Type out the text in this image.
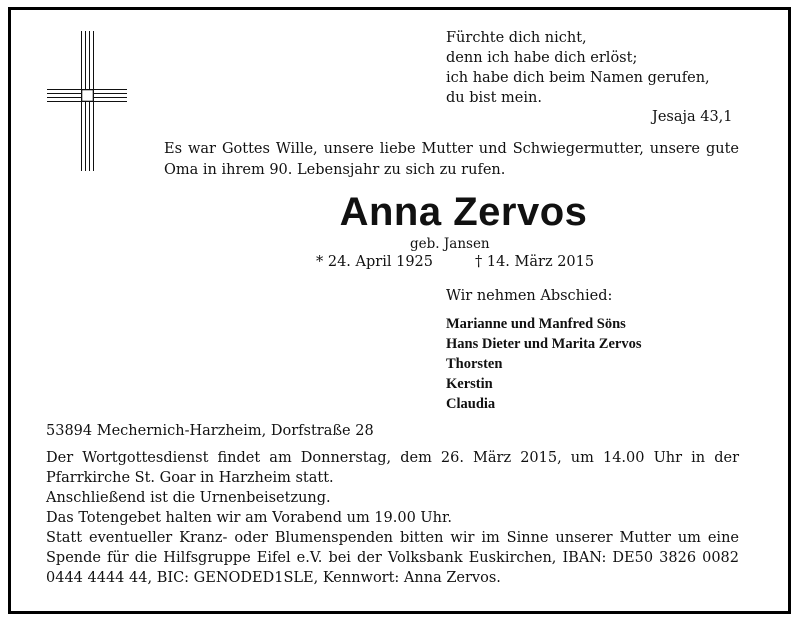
Fürchte dich nicht,
denn ich habe dich erlöst;
ich habe dich beim Namen gerufen,
du bist mein.
Jesaja 43,1
Es war Gottes Wille, unsere liebe Mutter und Schwiegermutter, unsere gute Oma in ihrem 90. Lebensjahr zu sich zu rufen.
Anna Zervos
geb. Jansen
* 24. April 1925	† 14. März 2015
Wir nehmen Abschied:
Marianne und Manfred Söns
Hans Dieter und Marita Zervos
Thorsten
Kerstin
Claudia
53894 Mechernich-Harzheim, Dorfstraße 28

Der Wortgottesdienst findet am Donnerstag, dem 26. März 2015, um 14.00 Uhr in der Pfarrkirche St. Goar in Harzheim statt.

Anschließend ist die Urnenbeisetzung.

Das Totengebet halten wir am Vorabend um 19.00 Uhr.

Statt eventueller Kranz- oder Blumenspenden bitten wir im Sinne unserer Mutter um eine Spende für die Hilfsgruppe Eifel e.V. bei der Volksbank Euskirchen, IBAN: DE50 3826 0082 0444 4444 44, BIC: GENODED1SLE, Kennwort: Anna Zervos.
